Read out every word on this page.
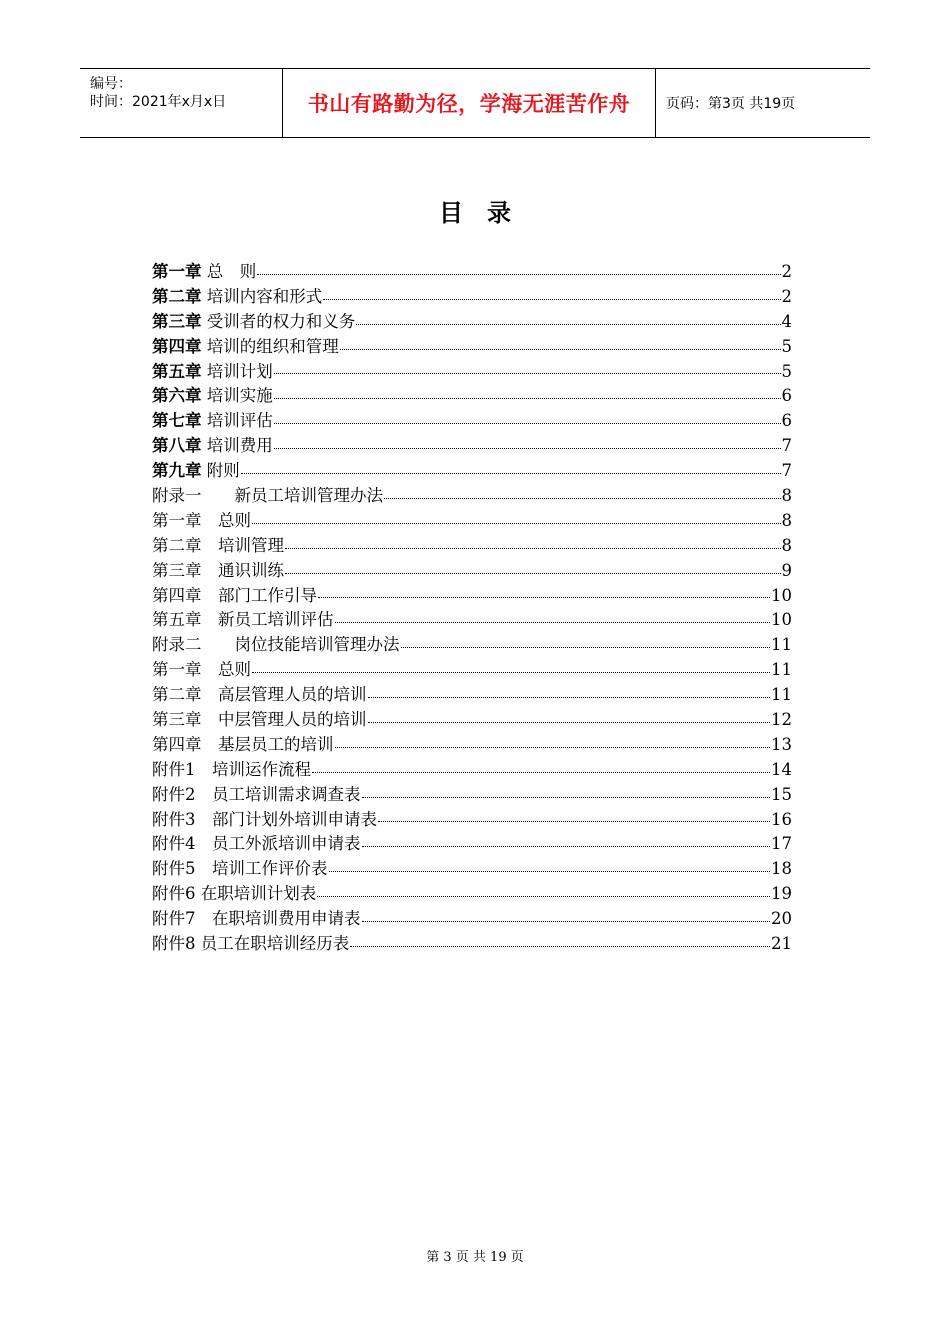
编号：
时间：2021年x月x日	书山有路勤为径，学海无涯苦作舟	页码：第3页 共19页
目录
第一章 总　则	2
第二章 培训内容和形式	2
第三章 受训者的权力和义务	4
第四章 培训的组织和管理	5
第五章 培训计划	5
第六章 培训实施	6
第七章 培训评估	6
第八章 培训费用	7
第九章 附则	7
附录一　　新员工培训管理办法	8
第一章　总则	8
第二章　培训管理	8
第三章　通识训练	9
第四章　部门工作引导	10
第五章　新员工培训评估	10
附录二　　岗位技能培训管理办法	11
第一章　总则	11
第二章　高层管理人员的培训	11
第三章　中层管理人员的培训	12
第四章　基层员工的培训	13
附件1　培训运作流程	14
附件2　员工培训需求调查表	15
附件3　部门计划外培训申请表	16
附件4　员工外派培训申请表	17
附件5　培训工作评价表	18
附件6 在职培训计划表	19
附件7　在职培训费用申请表	20
附件8 员工在职培训经历表	21
第 3 页 共 19 页
